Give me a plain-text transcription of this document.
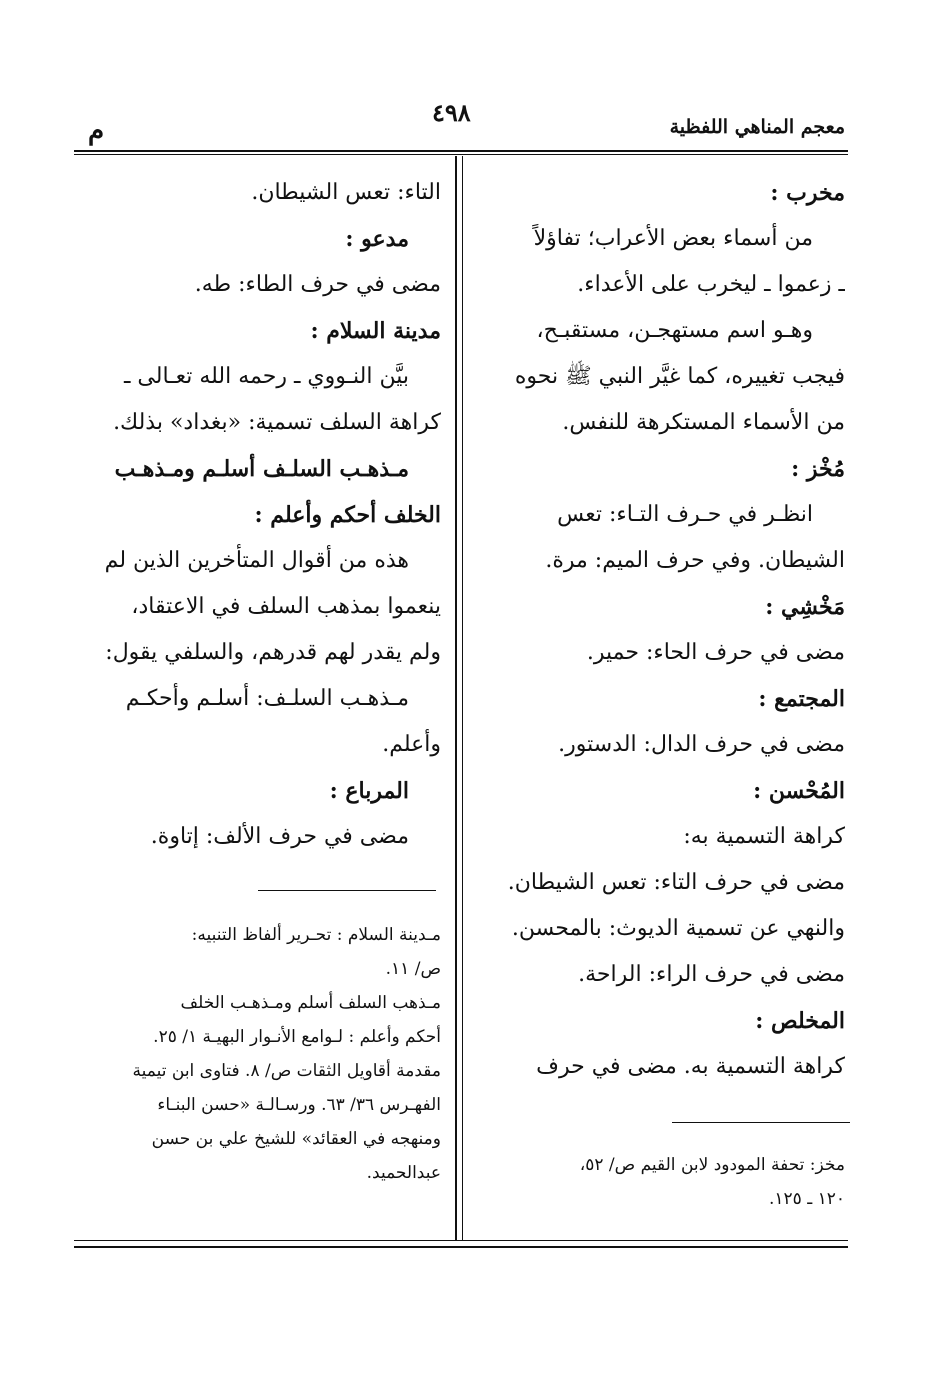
معجم المناهي اللفظية
٤٩٨
م
مخرب :
من أسماء بعض الأعراب؛ تفاؤلاً
ـ زعموا ـ ليخرب على الأعداء.
وهـو اسم مستهجـن، مستقبـح،
فيجب تغييره، كما غيَّر النبي ﷺ نحوه
من الأسماء المستكرهة للنفس.
مُخْز :
انظـر في حـرف التـاء: تعس
الشيطان. وفي حرف الميم: مرة.
مَخْشِي :
مضى في حرف الحاء: حمير.
المجتمع :
مضى في حرف الدال: الدستور.
المُحْسن :
كراهة التسمية به:
مضى في حرف التاء: تعس الشيطان.
والنهي عن تسمية الديوث: بالمحسن.
مضى في حرف الراء: الراحة.
المخلص :
كراهة التسمية به. مضى في حرف
التاء: تعس الشيطان.
مدعو :
مضى في حرف الطاء: طه.
مدينة السلام :
بيَّن النـووي ـ رحمه الله تعـالى ـ
كراهة السلف تسمية: «بغداد» بذلك.
مـذهـب السلـف أسلـم ومـذهـب
الخلف أحكم وأعلم :
هذه من أقوال المتأخرين الذين لم
ينعموا بمذهب السلف في الاعتقاد،
ولم يقدر لهم قدرهم، والسلفي يقول:
مـذهـب السلـف: أسلـم وأحكـم
وأعلم.
المرباع :
مضى في حرف الألف: إتاوة.
مخز: تحفة المودود لابن القيم ص/ ٥٢،
١٢٠ ـ ١٢٥.
مـدينة السلام : تحـرير ألفاظ التنبيه:
ص/ ١١.
مـذهب السلف أسلم ومـذهـب الخلف
أحكم وأعلم : لـوامع الأنـوار البهيـة ١/ ٢٥.
مقدمة أقاويل الثقات ص/ ٨. فتاوى ابن تيمية
الفهـرس ٣٦/ ٦٣. ورسـالـة «حسن البنـاء
ومنهجه في العقائد» للشيخ علي بن حسن
عبدالحميد.
